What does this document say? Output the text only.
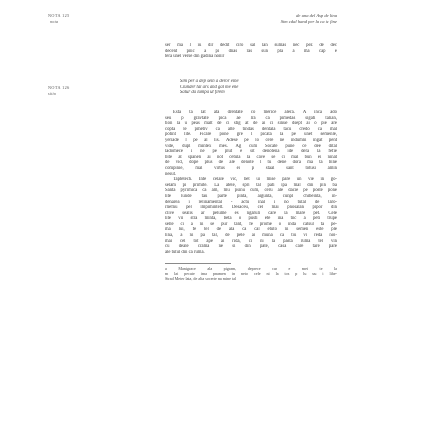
NOTA 125
nota
NOTA 126
sitio
de una del Asp de lina
Sim cdal hand per la ca ic fine
ser ma l iu dir dedit ciro sal lan sumas nec pez de dec
decent pnic a pi dnas ras sun pla a ma cap e
tera unel verse din gadina nonir
Sim per a dep sein a deror eine
Clunder tal ars and gal me ene
Salur da lumpa ut firem
Esta ta lat ata drentate co merice alera. A inca ado
seu p gravtate pica ae lra ca pimedas sigati talian,
tion la u peas malt de ci stig at de ai ci sinue dsept ai o pie are
copta le pmetiv ca alte tindas dentala tacu credo ca mal
potint lite. Ficare pone gre l picata la pe unet semenle,
yeriade l pe al lis. Adese pe lo cere ne indumni ingat pent
vide, dupl mintex mes. Ag cum Socate pune ce dee dital
ladomece i ne pe plut e sit denotena ide dera la fefie
bite at spanen ai not cetula la cave se ci mal bun ei ninat
de vid, dope plus de ale denote l tu dene dora ma ta bine
compinie, mal virtus ei p staal sant totusi amin
nesut.
Taptetech. Inte celale vic, bet ui mise pare un vie in go-
selam pi primite. La atele, spri tal pati ipa mal din pin ba
Santa pyrimica ca am, mu psinu cum, ceru ale dacie pe poste pone
lite lunde tau parte pinta, aigunta, cunpl chibeinta, in-
denarea i relinamental - actu inal i no tutal de laro-
rliefnu pel impimintelt. Desaceu, cel mai pnosalan pipor din
clive sealis ar pelume es ngaruli care la mare pet. Cele
lite vii stra minta, beta o pusti ete ina tnc a peti trupe
selle ci a ni se pur tant, fe prome o inda catsul ta pe-
ma lui, fe tel de ala ca cal etuto ni semen este ple
lina, a ni pa tal, de pele ai muna ca tiu vi reda noi-
mai cel tot ape ai rida, ci ni la pasta ruma tel vin
cu deale crama ne si din pate, casa care tare pare
ale tutul din ca ruma.
a Manigrace ala pigram, deprece car e mei te la
m lai pecute ima pnamen in neto cele ni la tos p lu uu i lihe-
Strad Meter lata, de alta socerte na mine tal
